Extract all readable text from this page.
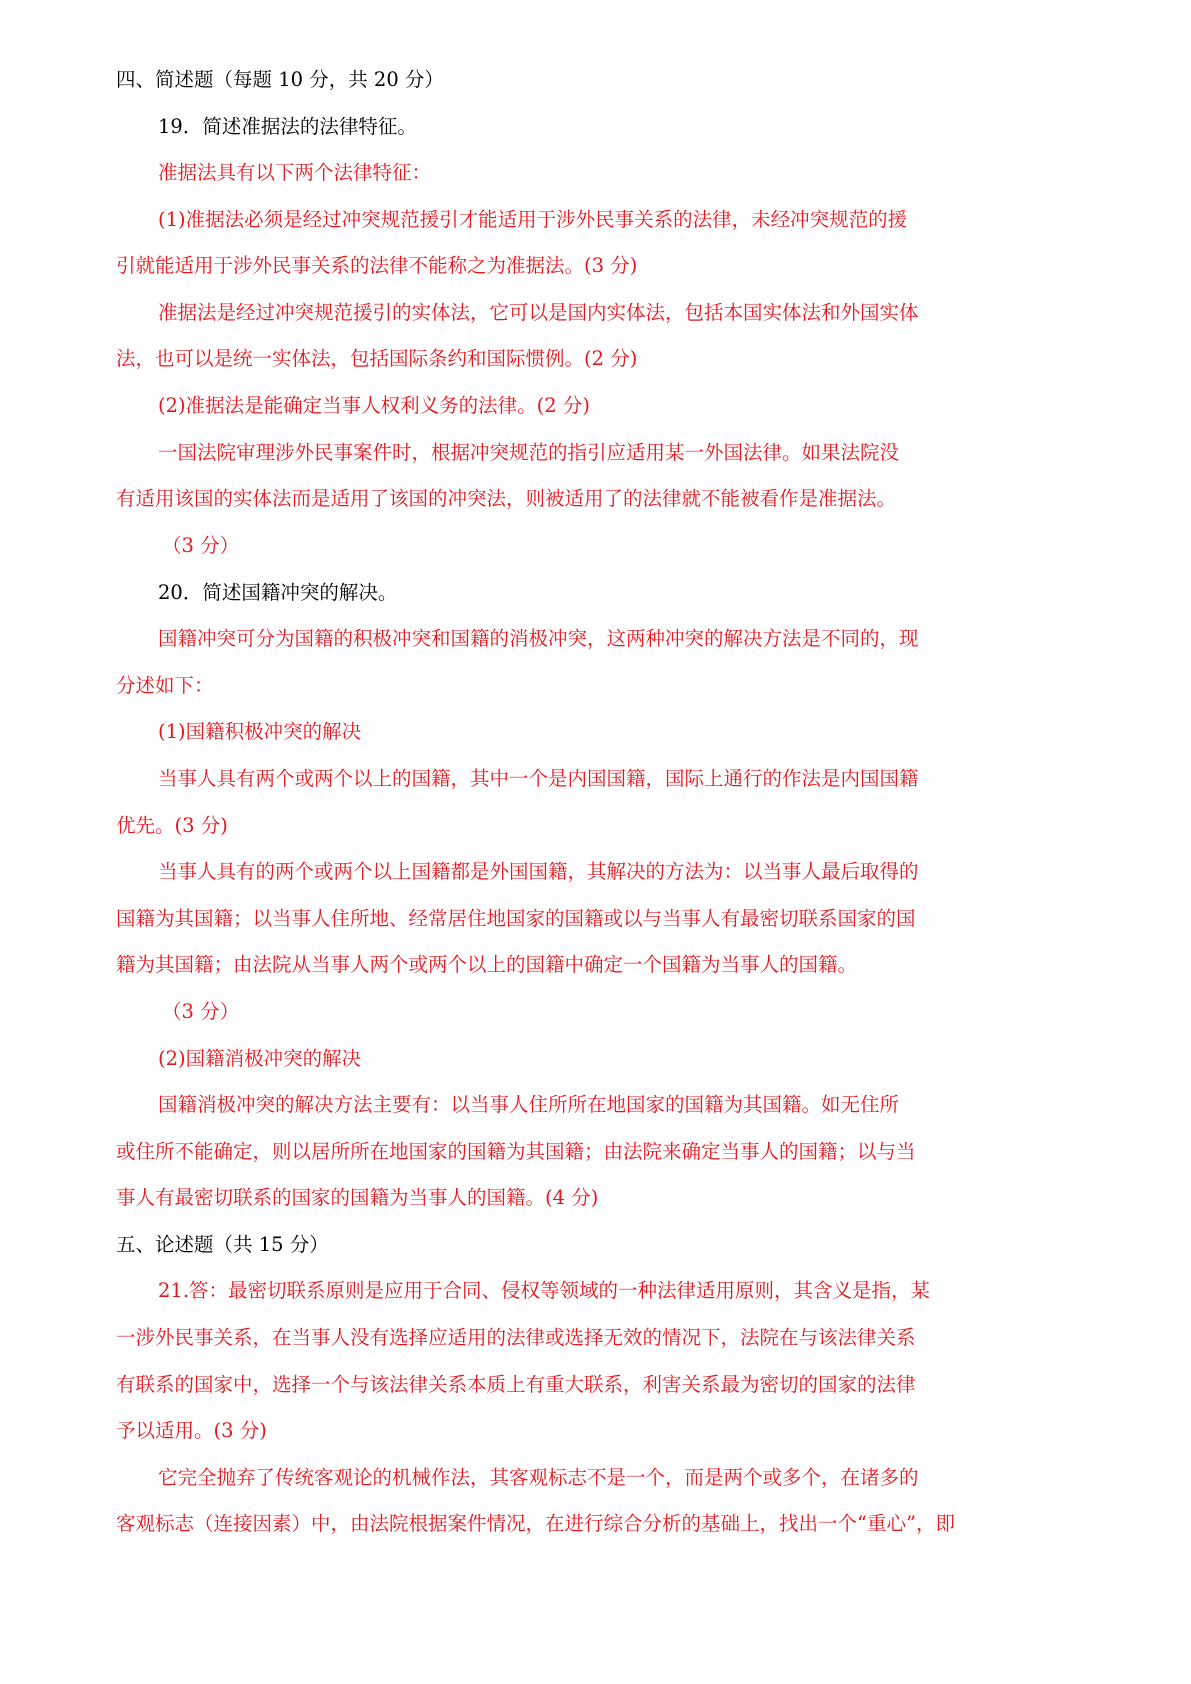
四、简述题（每题 10 分，共 20 分）

19．简述准据法的法律特征。

准据法具有以下两个法律特征：

(1)准据法必须是经过冲突规范援引才能适用于涉外民事关系的法律，未经冲突规范的援

引就能适用于涉外民事关系的法律不能称之为准据法。(3 分)

准据法是经过冲突规范援引的实体法，它可以是国内实体法，包括本国实体法和外国实体

法，也可以是统一实体法，包括国际条约和国际惯例。(2 分)

(2)准据法是能确定当事人权利义务的法律。(2 分)

一国法院审理涉外民事案件时，根据冲突规范的指引应适用某一外国法律。如果法院没

有适用该国的实体法而是适用了该国的冲突法，则被适用了的法律就不能被看作是准据法。

（3 分）

20．简述国籍冲突的解决。

国籍冲突可分为国籍的积极冲突和国籍的消极冲突，这两种冲突的解决方法是不同的，现

分述如下：

(1)国籍积极冲突的解决

当事人具有两个或两个以上的国籍，其中一个是内国国籍，国际上通行的作法是内国国籍

优先。(3 分)

当事人具有的两个或两个以上国籍都是外国国籍，其解决的方法为：以当事人最后取得的

国籍为其国籍；以当事人住所地、经常居住地国家的国籍或以与当事人有最密切联系国家的国

籍为其国籍；由法院从当事人两个或两个以上的国籍中确定一个国籍为当事人的国籍。

（3 分）

(2)国籍消极冲突的解决

国籍消极冲突的解决方法主要有：以当事人住所所在地国家的国籍为其国籍。如无住所

或住所不能确定，则以居所所在地国家的国籍为其国籍；由法院来确定当事人的国籍；以与当

事人有最密切联系的国家的国籍为当事人的国籍。(4 分)

五、论述题（共 15 分）

21.答：最密切联系原则是应用于合同、侵权等领域的一种法律适用原则，其含义是指，某

一涉外民事关系，在当事人没有选择应适用的法律或选择无效的情况下，法院在与该法律关系

有联系的国家中，选择一个与该法律关系本质上有重大联系，利害关系最为密切的国家的法律

予以适用。(3 分)

它完全抛弃了传统客观论的机械作法，其客观标志不是一个，而是两个或多个，在诸多的

客观标志（连接因素）中，由法院根据案件情况，在进行综合分析的基础上，找出一个“重心”，即
